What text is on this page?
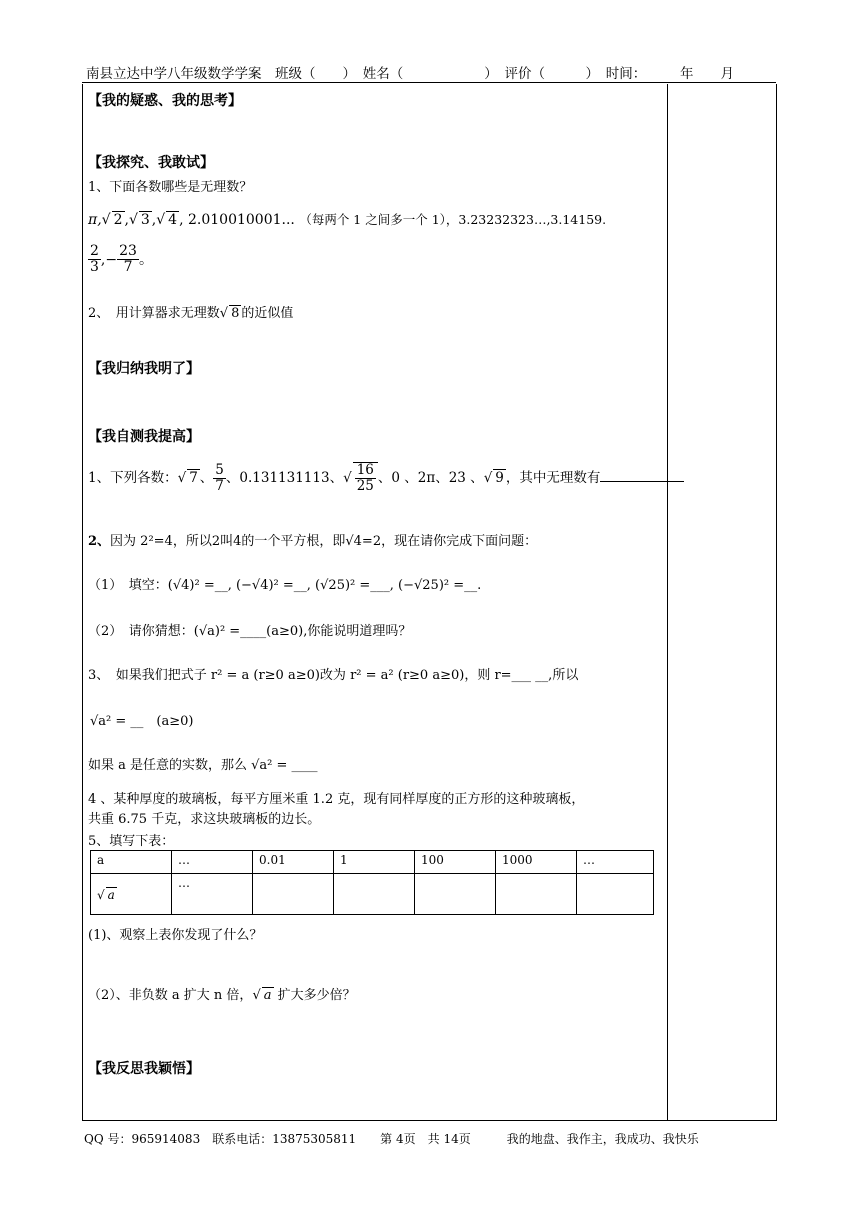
南县立达中学八年级数学学案　班级（　　）　姓名（　　　　　　）　评价（　　　）　时间：　　　年　　月
【我的疑惑、我的思考】
【我探究、我敢试】
1、下面各数哪些是无理数？
π,√ 2 ,√ 3 ,√ 4 , 2.010010001... （每两个 1 之间多一个 1），3.23232323…,3.14159.
$\frac{2}{3}$ ,− $\frac{23}{7}$ 。
2、　用计算器求无理数√ 8 的近似值
【我归纳我明了】
【我自测我提高】
1、下列各数：√ 7 、 $\frac{5}{7}$ 、0.131131113、√ $\frac{16}{25}$ 、0 、2π、23 、√ 9 ，其中无理数有
2、因为 2²=4，所以2叫4的一个平方根，即√4=2，现在请你完成下面问题：
（1）　填空：(√4)² =__, (−√4)² =__, (√25)² =___, (−√25)² =__.
（2）　请你猜想：(√a)² =____(a≥0),你能说明道理吗？
3、　如果我们把式子 r² = a (r≥0 a≥0)改为 r² = a² (r≥0 a≥0)，则 r=___ __,所以
√a² = __　(a≥0)
如果 a 是任意的实数，那么 √a² = ____
4 、某种厚度的玻璃板，每平方厘米重 1.2 克，现有同样厚度的正方形的这种玻璃板，
共重 6.75 千克，求这块玻璃板的边长。
5、填写下表：
a	…	0.01	1	100	1000	…
√ a	…					
(1)、观察上表你发现了什么？
（2）、非负数 a 扩大 n 倍，√ a 扩大多少倍？
【我反思我颖悟】
QQ 号：965914083　联系电话：13875305811　　第 4页　共 14页　　　我的地盘、我作主，我成功、我快乐
